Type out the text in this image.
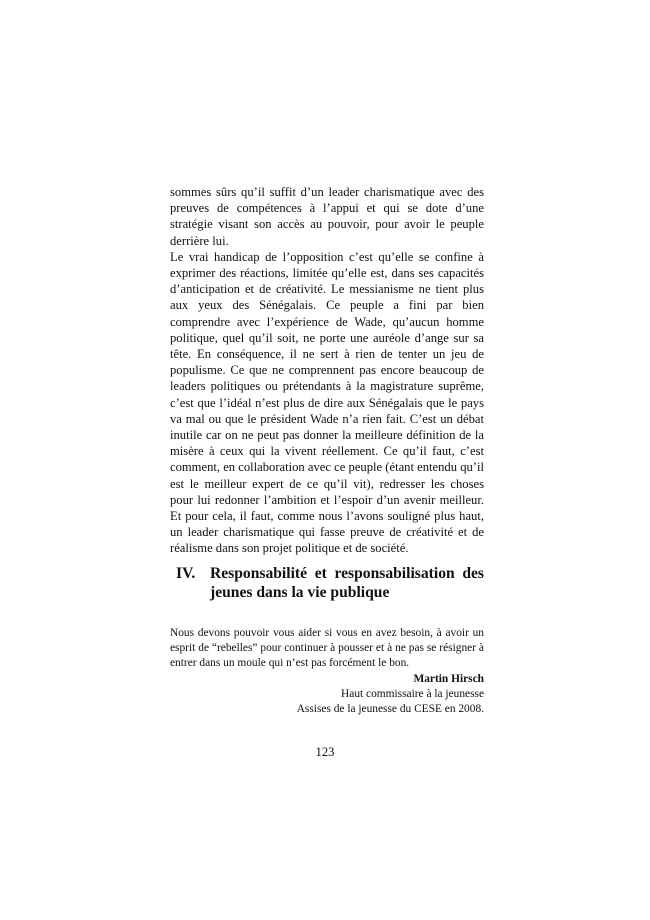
sommes sûrs qu’il suffit d’un leader charismatique avec des preuves de compétences à l’appui et qui se dote d’une stratégie visant son accès au pouvoir, pour avoir le peuple derrière lui.

Le vrai handicap de l’opposition c’est qu’elle se confine à exprimer des réactions, limitée qu’elle est, dans ses capacités d’anticipation et de créativité. Le messianisme ne tient plus aux yeux des Sénégalais. Ce peuple a fini par bien comprendre avec l’expérience de Wade, qu’aucun homme politique, quel qu’il soit, ne porte une auréole d’ange sur sa tête. En conséquence, il ne sert à rien de tenter un jeu de populisme. Ce que ne comprennent pas encore beaucoup de leaders politiques ou prétendants à la magistrature suprême, c’est que l’idéal n’est plus de dire aux Sénégalais que le pays va mal ou que le président Wade n’a rien fait. C’est un débat inutile car on ne peut pas donner la meilleure définition de la misère à ceux qui la vivent réellement. Ce qu’il faut, c’est comment, en collaboration avec ce peuple (étant entendu qu’il est le meilleur expert de ce qu’il vit), redresser les choses pour lui redonner l’ambition et l’espoir d’un avenir meilleur. Et pour cela, il faut, comme nous l’avons souligné plus haut, un leader charismatique qui fasse preuve de créativité et de réalisme dans son projet politique et de société.

IV. Responsabilité et responsabilisation des jeunes dans la vie publique

Nous devons pouvoir vous aider si vous en avez besoin, à avoir un esprit de “rebelles” pour continuer à pousser et à ne pas se résigner à entrer dans un moule qui n’est pas forcément le bon.

Martin Hirsch

Haut commissaire à la jeunesse

Assises de la jeunesse du CESE en 2008.

123
